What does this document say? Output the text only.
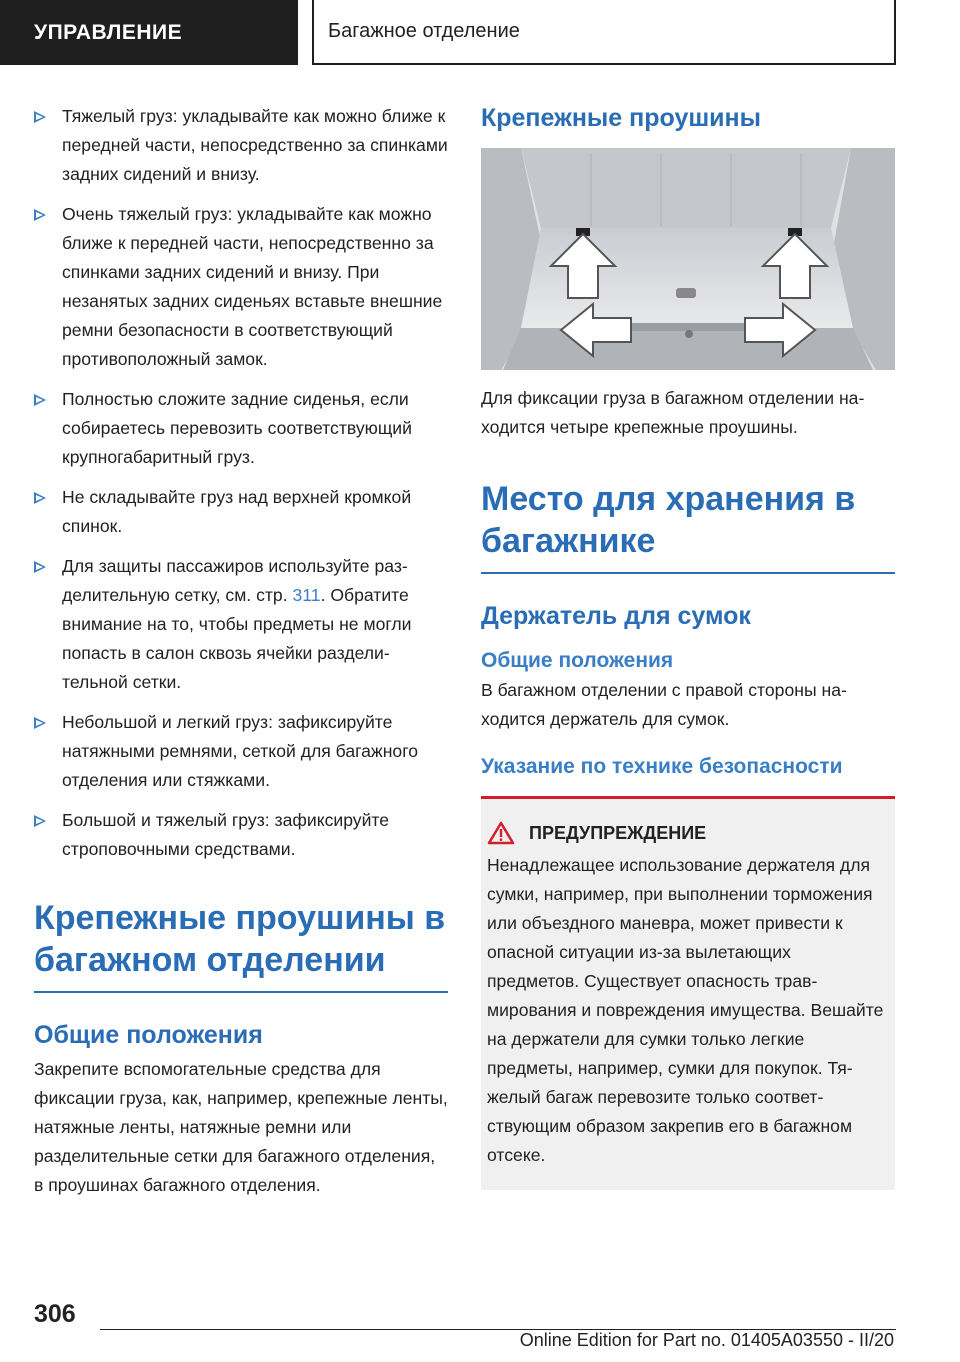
УПРАВЛЕНИЕ	Багажное отделение
Тяжелый груз: укладывайте как можно ближе к передней части, непосредственно за спинками задних сидений и внизу.
Очень тяжелый груз: укладывайте как можно ближе к передней части, непосредственно за спинками задних сидений и внизу. При незанятых задних сиденьях вставьте внешние ремни безопасности в соответствующий противоположный замок.
Полностью сложите задние сиденья, если собираетесь перевозить соответствующий крупногабаритный груз.
Не складывайте груз над верхней кромкой спинок.
Для защиты пассажиров используйте разделительную сетку, см. стр. 311. Обратите внимание на то, чтобы предметы не могли попасть в салон сквозь ячейки разделительной сетки.
Небольшой и легкий груз: зафиксируйте натяжными ремнями, сеткой для багажного отделения или стяжками.
Большой и тяжелый груз: зафиксируйте строповочными средствами.
Крепежные проушины в багажном отделении
Общие положения

Закрепите вспомогательные средства для фиксации груза, как, например, крепежные ленты, натяжные ленты, натяжные ремни или разделительные сетки для багажного отделения, в проушинах багажного отделения.

Крепежные проушины

Для фиксации груза в багажном отделении находится четыре крепежные проушины.

Место для хранения в багажнике
Держатель для сумок
Общие положения

В багажном отделении с правой стороны находится держатель для сумок.

Указание по технике безопасности
ПРЕДУПРЕЖДЕНИЕ

Ненадлежащее использование держателя для сумки, например, при выполнении торможения или объездного маневра, может привести к опасной ситуации из-за вылетающих предметов. Существует опасность травмирования и повреждения имущества. Вешайте на держатели для сумки только легкие предметы, например, сумки для покупок. Тяжелый багаж перевозите только соответствующим образом закрепив его в багажном отсеке.

306
Online Edition for Part no. 01405A03550 - II/20
